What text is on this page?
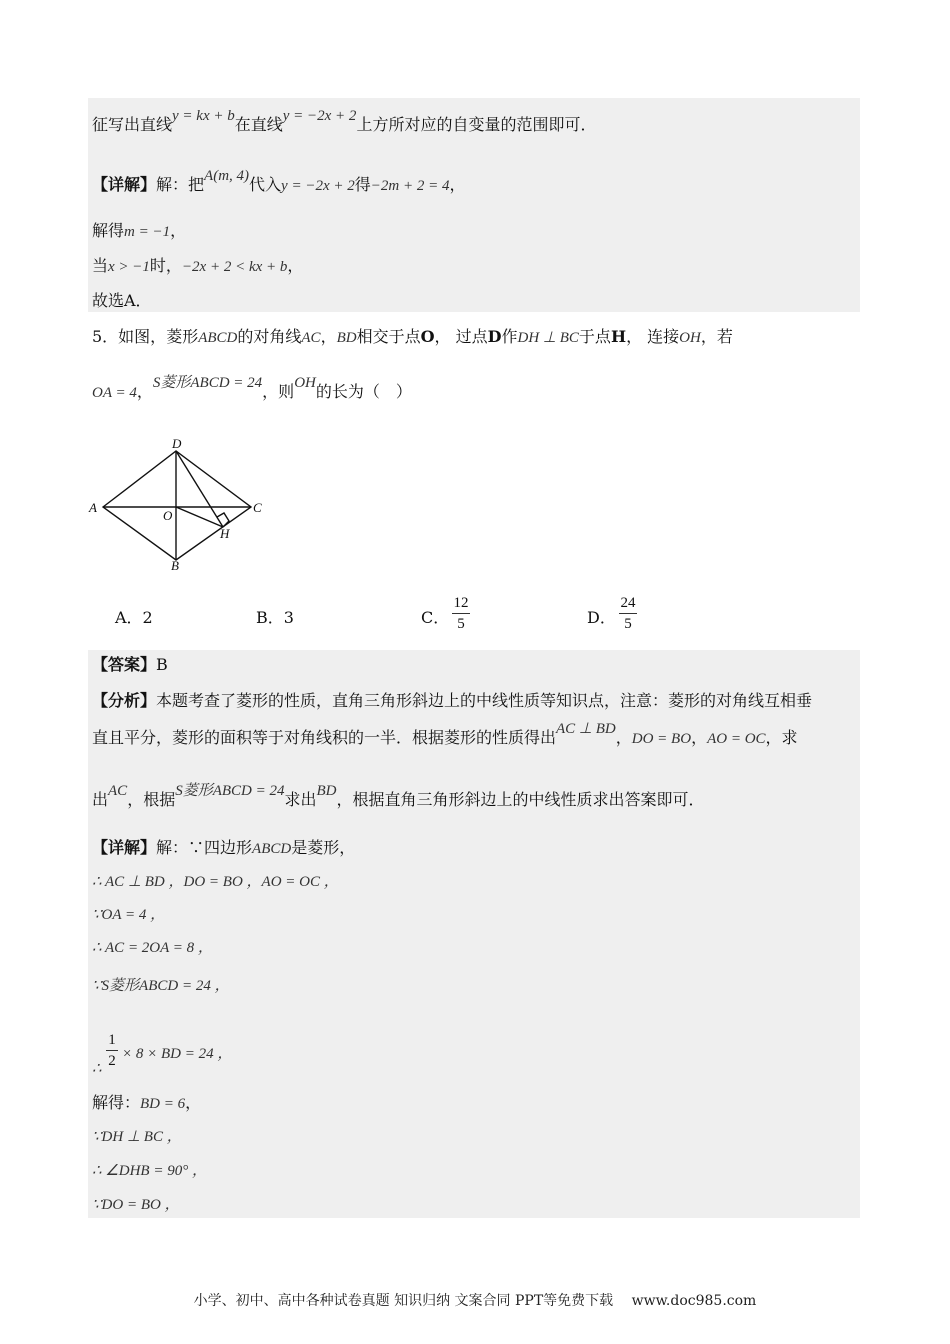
征写出直线y = kx + b在直线y = −2x + 2上方所对应的自变量的范围即可．
【详解】解：把A(m, 4)代入y = −2x + 2得−2m + 2 = 4，
解得m = −1，
当x > −1时，−2x + 2 < kx + b，
故选A．
5．如图，菱形ABCD的对角线AC，BD相交于点O， 过点D作DH ⊥ BC于点H， 连接OH，若
OA = 4，S菱形ABCD = 24，则OH的长为（　）
A
D
C
B
O
H
A．2	B．3	C．
12
5	D．
24
5
【答案】B
【分析】本题考查了菱形的性质，直角三角形斜边上的中线性质等知识点，注意：菱形的对角线互相垂
直且平分，菱形的面积等于对角线积的一半．根据菱形的性质得出AC ⊥ BD，DO = BO，AO = OC，求
出AC，根据S菱形ABCD = 24求出BD，根据直角三角形斜边上的中线性质求出答案即可．
【详解】解：∵四边形ABCD是菱形，
∴ AC ⊥ BD ，DO = BO ，AO = OC ，
∵OA = 4 ，
∴ AC = 2OA = 8 ，
∵S菱形ABCD = 24 ，
∴
1
2 × 8 × BD = 24 ，
解得：BD = 6，
∵DH ⊥ BC ，
∴ ∠DHB = 90° ，
∵DO = BO ，
小学、初中、高中各种试卷真题 知识归纳 文案合同 PPT等免费下载　 www.doc985.com
